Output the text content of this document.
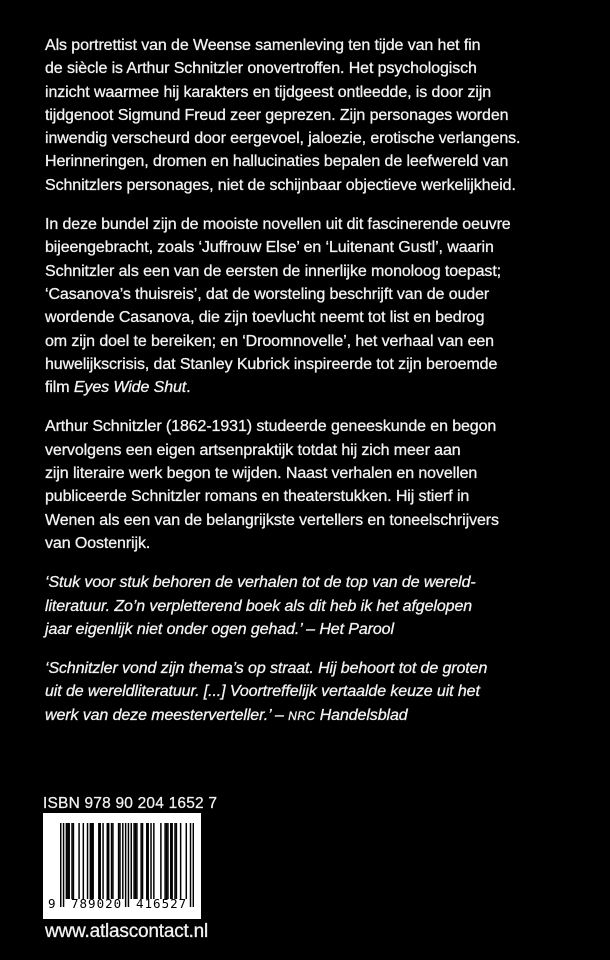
Als portrettist van de Weense samenleving ten tijde van het fin
de siècle is Arthur Schnitzler onovertroffen. Het psychologisch
inzicht waarmee hij karakters en tijdgeest ontleedde, is door zijn
tijdgenoot Sigmund Freud zeer geprezen. Zijn personages worden
inwendig verscheurd door eergevoel, jaloezie, erotische verlangens.
Herinneringen, dromen en hallucinaties bepalen de leefwereld van
Schnitzlers personages, niet de schijnbaar objectieve werkelijkheid.
In deze bundel zijn de mooiste novellen uit dit fascinerende oeuvre
bijeengebracht, zoals ‘Juffrouw Else’ en ‘Luitenant Gustl’, waarin
Schnitzler als een van de eersten de innerlijke monoloog toepast;
‘Casanova’s thuisreis’, dat de worsteling beschrijft van de ouder
wordende Casanova, die zijn toevlucht neemt tot list en bedrog
om zijn doel te bereiken; en ‘Droomnovelle’, het verhaal van een
huwelijkscrisis, dat Stanley Kubrick inspireerde tot zijn beroemde
film Eyes Wide Shut.
Arthur Schnitzler (1862-1931) studeerde geneeskunde en begon
vervolgens een eigen artsenpraktijk totdat hij zich meer aan
zijn literaire werk begon te wijden. Naast verhalen en novellen
publiceerde Schnitzler romans en theaterstukken. Hij stierf in
Wenen als een van de belangrijkste vertellers en toneelschrijvers
van Oostenrijk.
‘Stuk voor stuk behoren de verhalen tot de top van de wereld-
literatuur. Zo’n verpletterend boek als dit heb ik het afgelopen
jaar eigenlijk niet onder ogen gehad.’ – Het Parool
‘Schnitzler vond zijn thema’s op straat. Hij behoort tot de groten
uit de wereldliteratuur. [...] Voortreffelijk vertaalde keuze uit het
werk van deze meesterverteller.’ – NRC Handelsblad
ISBN 978 90 204 1652 7
9 789020 416527
www.atlascontact.nl
